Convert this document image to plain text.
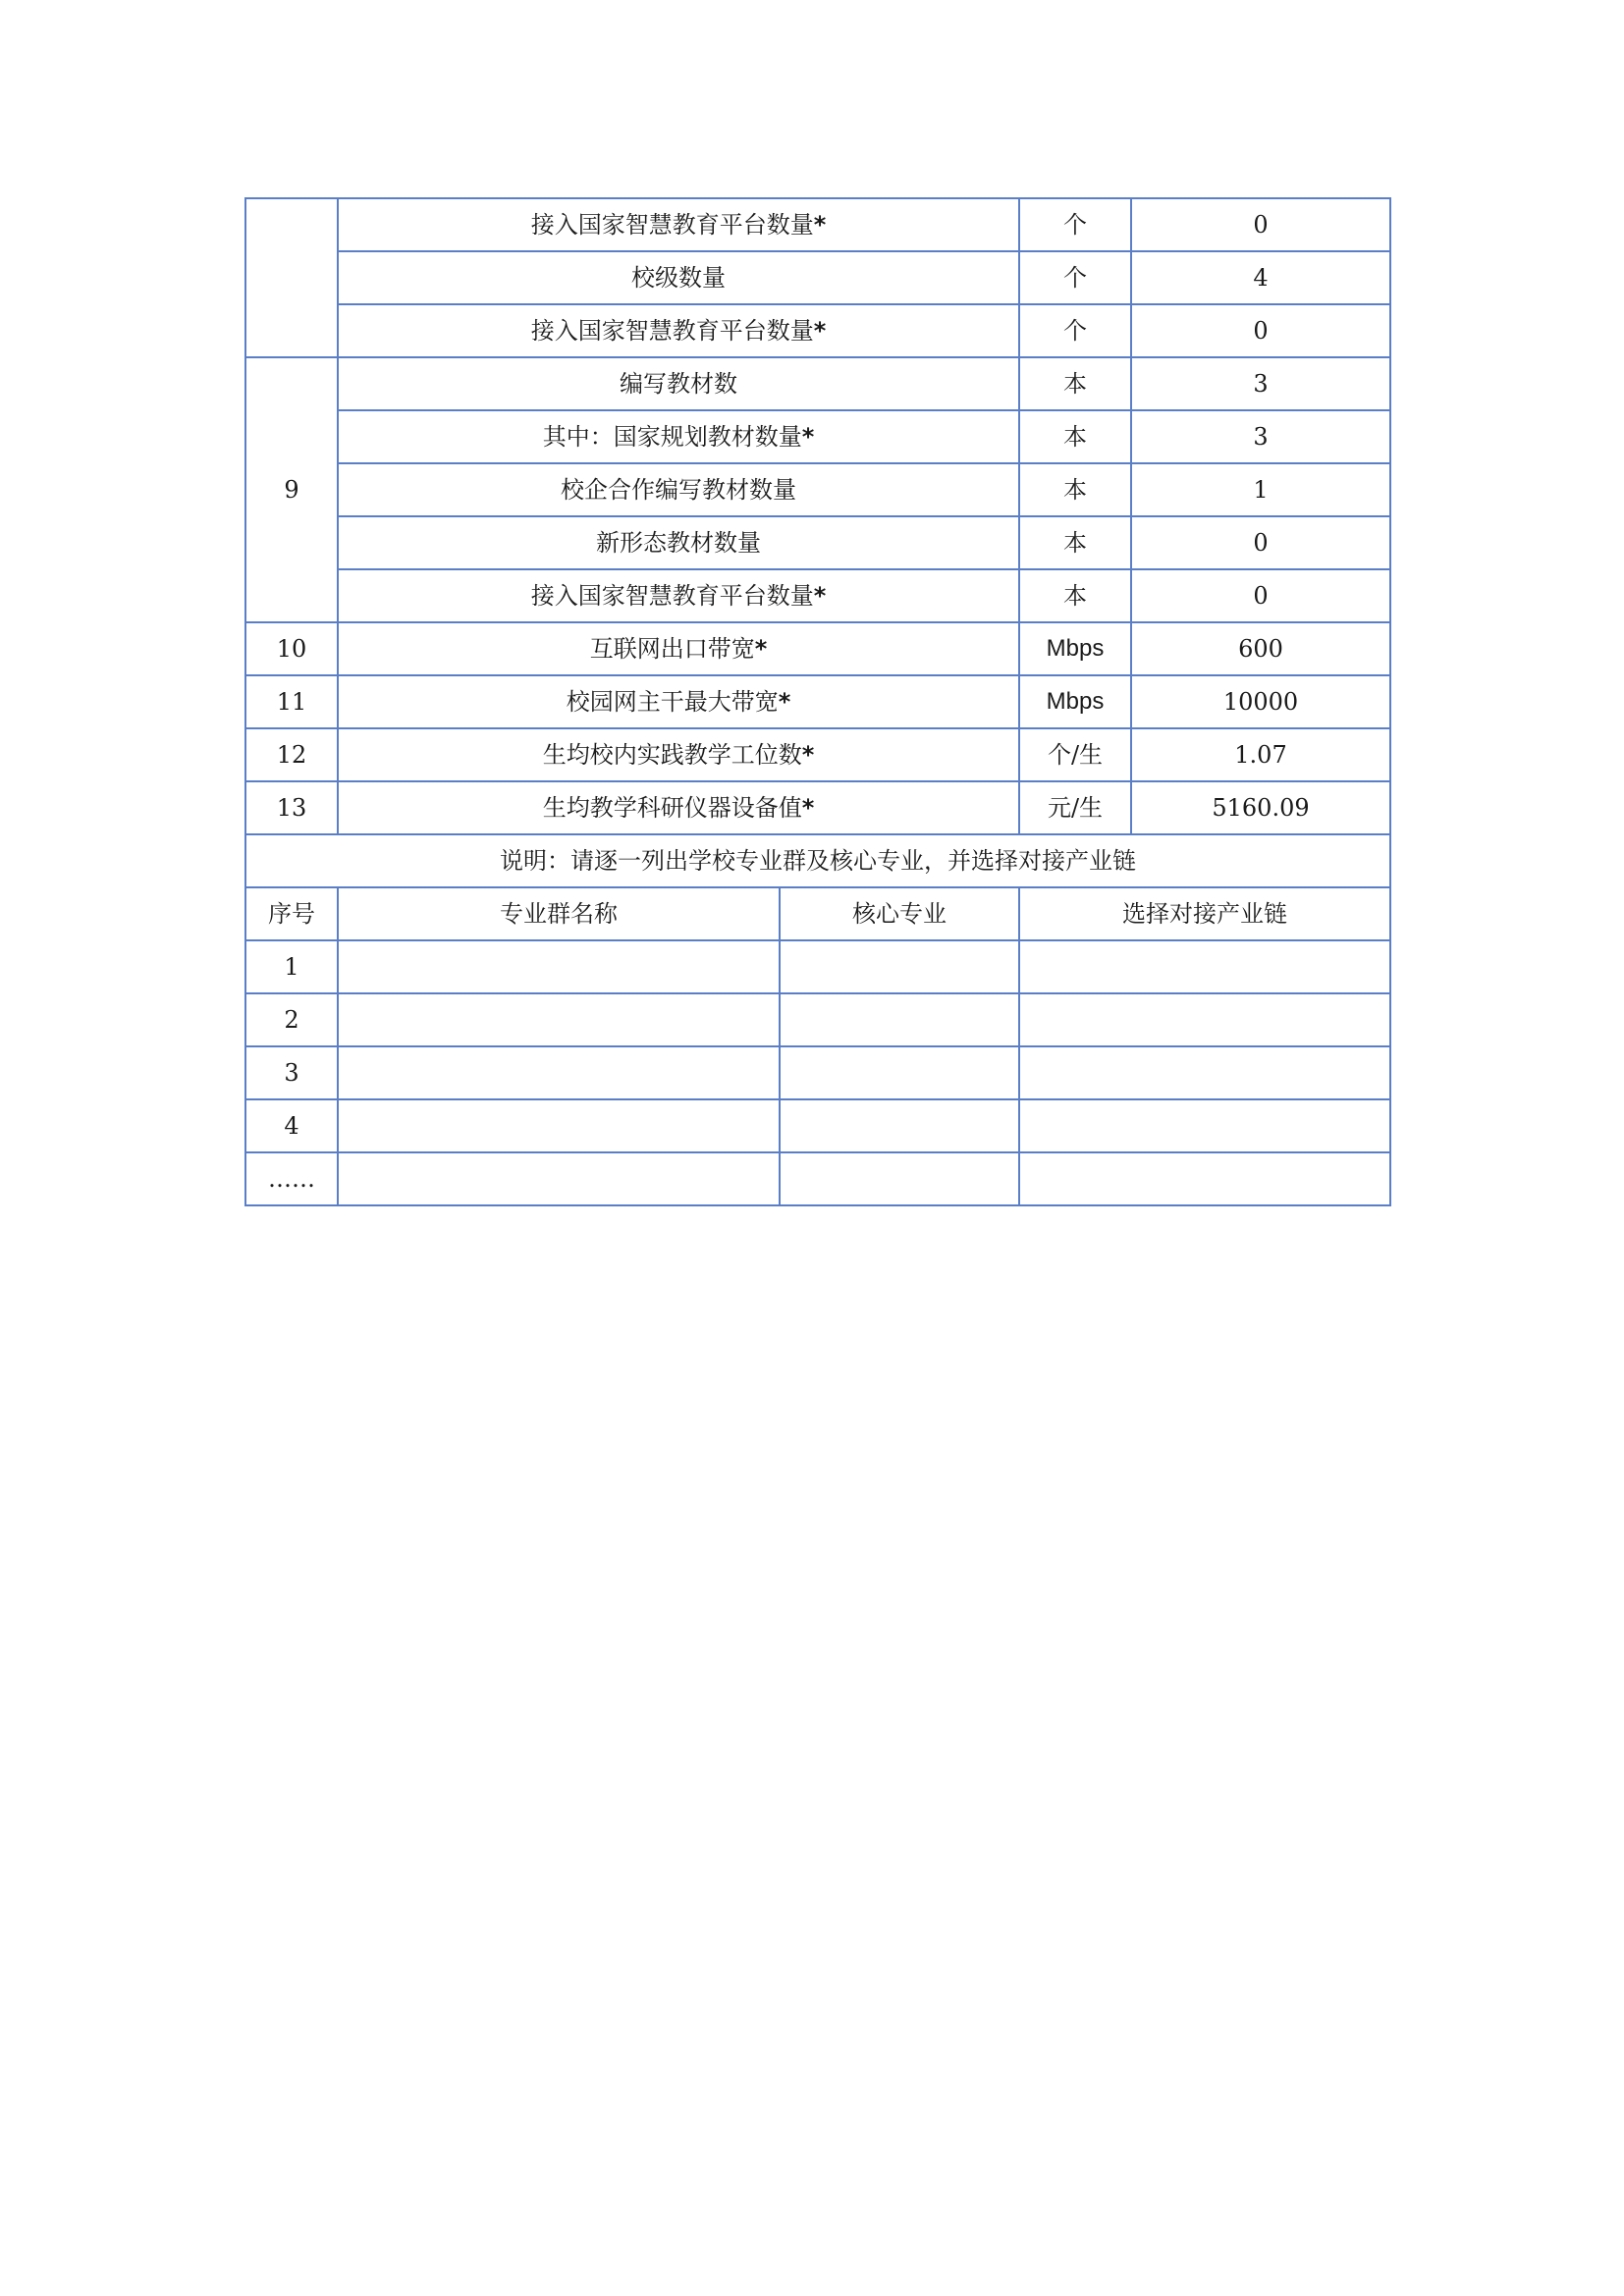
	接入国家智慧教育平台数量*		个	0
	校级数量		个	4
	接入国家智慧教育平台数量*		个	0
9	编写教材数		本	3
	其中：国家规划教材数量*		本	3
	校企合作编写教材数量		本	1
	新形态教材数量		本	0
	接入国家智慧教育平台数量*		本	0
10	互联网出口带宽*		Mbps	600
11	校园网主干最大带宽*		Mbps	10000
12	生均校内实践教学工位数*		个/生	1.07
13	生均教学科研仪器设备值*		元/生	5160.09
说明：请逐一列出学校专业群及核心专业，并选择对接产业链				
序号	专业群名称	核心专业	选择对接产业链	
1				
2				
3				
4				
……				
